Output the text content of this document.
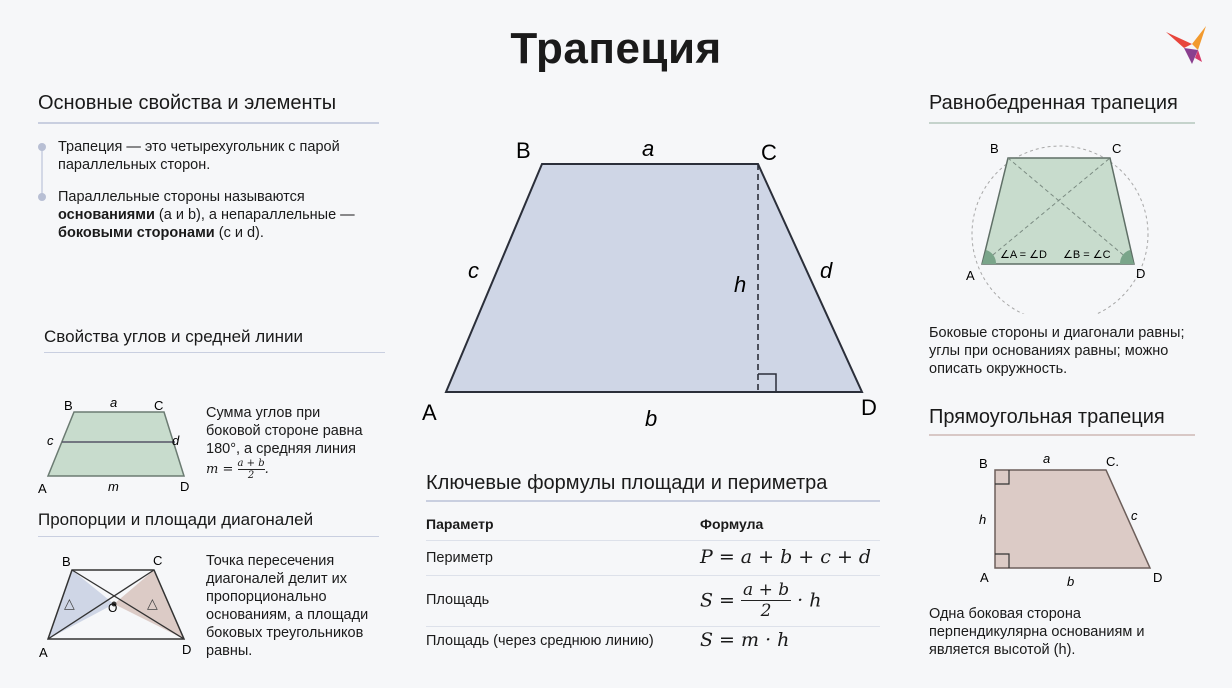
Трапеция
Основные свойства и элементы
Трапеция — это четырехугольник с парой параллельных сторон.
Параллельные стороны называются основаниями (a и b), а непараллельные — боковыми сторонами (c и d).
Свойства углов и средней линии
B	C
a
c	d
A	D
m
Сумма углов при боковой стороне равна 180°, а средняя линия $m = \frac{a + b}{2}$ .
Пропорции и площади диагоналей
△	△
B	C
O
A	D
Точка пересечения диагоналей делит их пропорционально основаниям, а площади боковых треугольников равны.
B	C
a
c	d
h
A	D
b
Ключевые формулы площади и периметра
Параметр	Формула
Периметр	P = a + b + c + d
Площадь	$S = \frac{a + b}{2} \cdot h$
Площадь (через среднюю линию) S = m · h
Равнобедренная трапеция
∠A = ∠D ∠B = ∠C
B	C
A	D
Боковые стороны и диагонали равны; углы при основаниях равны; можно описать окружность.
Прямоугольная трапеция
B	C.
a
h	c
A	D
b
Одна боковая сторона перпендикулярна основаниям и является высотой (h).
